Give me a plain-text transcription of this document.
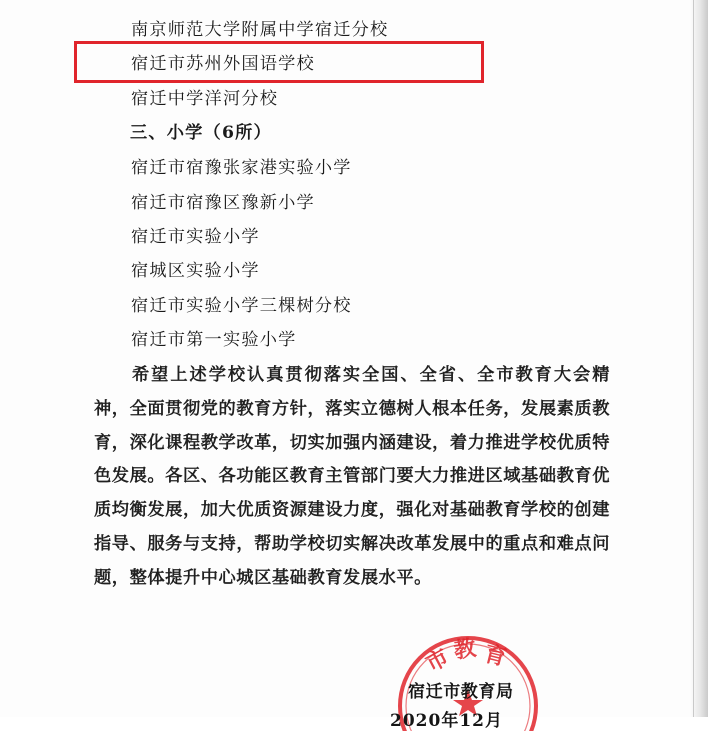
南京师范大学附属中学宿迁分校
宿迁市苏州外国语学校
宿迁中学洋河分校
三、小学（6所）
宿迁市宿豫张家港实验小学
宿迁市宿豫区豫新小学
宿迁市实验小学
宿城区实验小学
宿迁市实验小学三棵树分校
宿迁市第一实验小学
希望上述学校认真贯彻落实全国、全省、全市教育大会精神，全面贯彻党的教育方针，落实立德树人根本任务，发展素质教育，深化课程教学改革，切实加强内涵建设，着力推进学校优质特色发展。各区、各功能区教育主管部门要大力推进区域基础教育优质均衡发展，加大优质资源建设力度，强化对基础教育学校的创建指导、服务与支持，帮助学校切实解决改革发展中的重点和难点问题，整体提升中心城区基础教育发展水平。
市
教 育
宿迁市教育局
2020年12月
